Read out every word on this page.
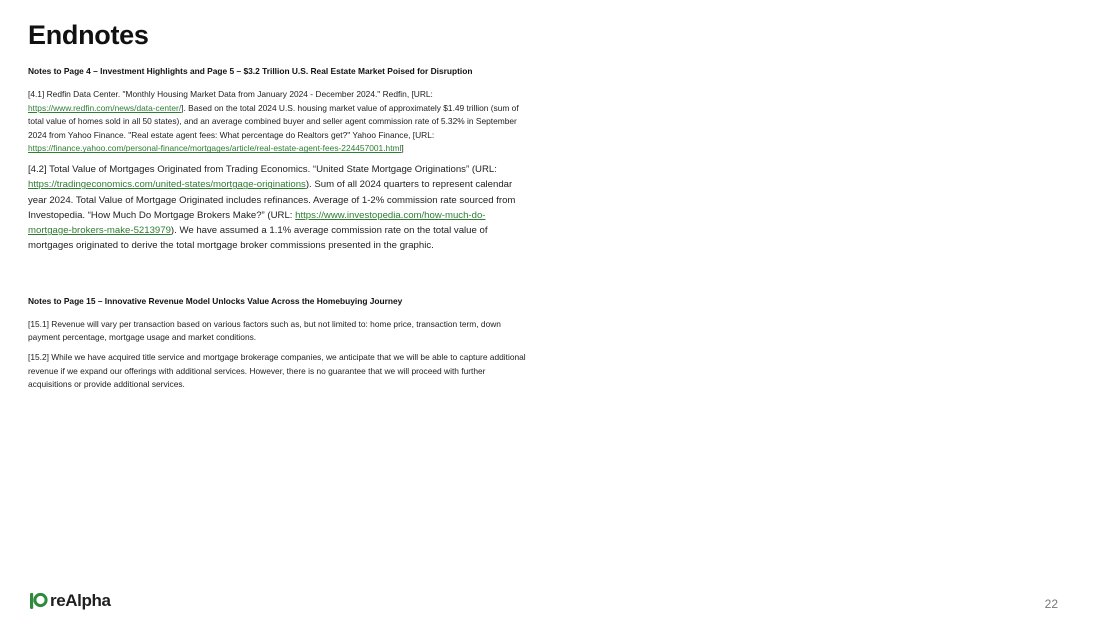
Endnotes
Notes to Page 4 – Investment Highlights and Page 5 – $3.2 Trillion U.S. Real Estate Market Poised for Disruption

[4.1] Redfin Data Center. "Monthly Housing Market Data from January 2024 - December 2024." Redfin, [URL: https://www.redfin.com/news/data-center/]. Based on the total 2024 U.S. housing market value of approximately $1.49 trillion (sum of total value of homes sold in all 50 states), and an average combined buyer and seller agent commission rate of 5.32% in September 2024 from Yahoo Finance. "Real estate agent fees: What percentage do Realtors get?" Yahoo Finance, [URL: https://finance.yahoo.com/personal-finance/mortgages/article/real-estate-agent-fees-224457001.html]

[4.2] Total Value of Mortgages Originated from Trading Economics. “United State Mortgage Originations” (URL: https://tradingeconomics.com/united-states/mortgage-originations). Sum of all 2024 quarters to represent calendar year 2024. Total Value of Mortgage Originated includes refinances. Average of 1-2% commission rate sourced from Investopedia. “How Much Do Mortgage Brokers Make?” (URL: https://www.investopedia.com/how-much-do-mortgage-brokers-make-5213979). We have assumed a 1.1% average commission rate on the total value of mortgages originated to derive the total mortgage broker commissions presented in the graphic.

Notes to Page 15 – Innovative Revenue Model Unlocks Value Across the Homebuying Journey

[15.1] Revenue will vary per transaction based on various factors such as, but not limited to: home price, transaction term, down payment percentage, mortgage usage and market conditions.

[15.2] While we have acquired title service and mortgage brokerage companies, we anticipate that we will be able to capture additional revenue if we expand our offerings with additional services. However, there is no guarantee that we will proceed with further acquisitions or provide additional services.

reAlpha	22
